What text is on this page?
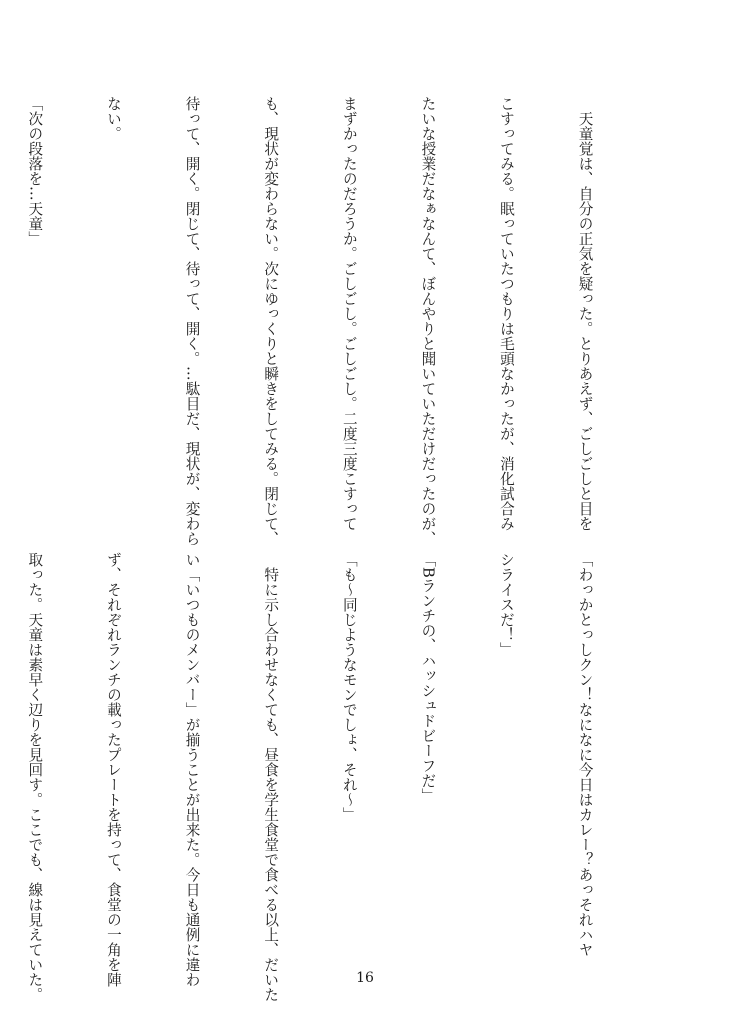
　天童覚は、自分の正気を疑った。とりあえず、ごしごしと目を

こすってみる。眠っていたつもりは毛頭なかったが、消化試合み

たいな授業だなぁなんて、ぼんやりと聞いていただけだったのが、

まずかったのだろうか。ごしごし。ごしごし。二度三度こすって

も、現状が変わらない。次にゆっくりと瞬きをしてみる。閉じて、

待って、開く。閉じて、待って、開く。…駄目だ、現状が、変わら

ない。

「次の段落を…天童」

「わっかとっしクン！なになに今日はカレー？あっそれハヤ

シライスだ！」

「Bランチの、ハッシュドビーフだ」

「も〜同じようなモンでしょ、それ〜」

　特に示し合わせなくても、昼食を学生食堂で食べる以上、だいた

い「いつものメンバー」が揃うことが出来た。今日も通例に違わ

ず、それぞれランチの載ったプレートを持って、食堂の一角を陣

取った。天童は素早く辺りを見回す。ここでも、線は見えていた。

	16
